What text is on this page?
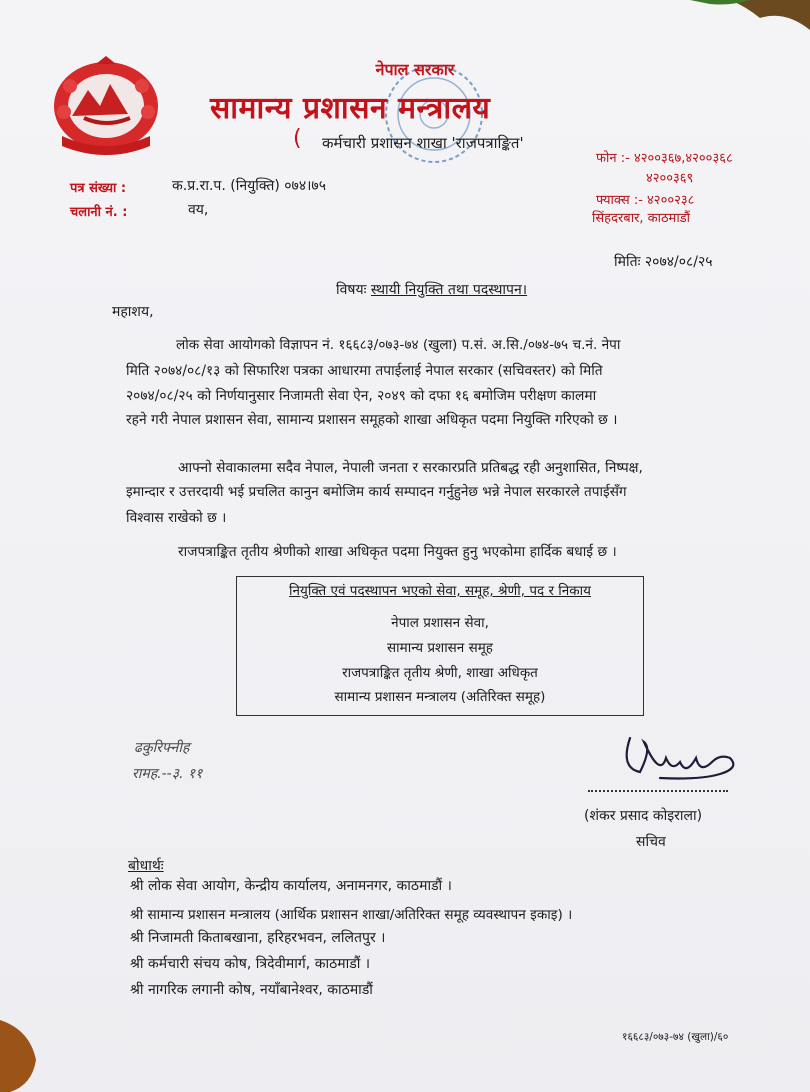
नेपाल सरकार
सामान्य प्रशासन मन्त्रालय
( कर्मचारी प्रशासन शाखा 'राजपत्राङ्कित'
फोन :- ४२००३६७,४२००३६८
४२००३६९
फ्याक्स :- ४२००२३८
सिंहदरबार, काठमाडौं
पत्र संख्या :	क.प्र.रा.प. (नियुक्ति) ०७४।७५
चलानी नं. :	वय,
मितिः २०७४/०८/२५
विषयः स्थायी नियुक्ति तथा पदस्थापन।
महाशय,
लोक सेवा आयोगको विज्ञापन नं. १६६८३/०७३-७४ (खुला) प.सं. अ.सि./०७४-७५ च.नं. नेपा
मिति २०७४/०८/१३ को सिफारिश पत्रका आधारमा तपाईलाई नेपाल सरकार (सचिवस्तर) को मिति
२०७४/०८/२५ को निर्णयानुसार निजामती सेवा ऐन, २०४९ को दफा १६ बमोजिम परीक्षण कालमा
रहने गरी नेपाल प्रशासन सेवा, सामान्य प्रशासन समूहको शाखा अधिकृत पदमा नियुक्ति गरिएको छ ।
आफ्नो सेवाकालमा सदैव नेपाल, नेपाली जनता र सरकारप्रति प्रतिबद्ध रही अनुशासित, निष्पक्ष,
इमान्दार र उत्तरदायी भई प्रचलित कानुन बमोजिम कार्य सम्पादन गर्नुहुनेछ भन्ने नेपाल सरकारले तपाईसँग
विश्वास राखेको छ ।
राजपत्राङ्कित तृतीय श्रेणीको शाखा अधिकृत पदमा नियुक्त हुनु भएकोमा हार्दिक बधाई छ ।
नियुक्ति एवं पदस्थापन भएको सेवा, समूह, श्रेणी, पद र निकाय
नेपाल प्रशासन सेवा,
सामान्य प्रशासन समूह
राजपत्राङ्कित तृतीय श्रेणी, शाखा अधिकृत
सामान्य प्रशासन मन्त्रालय (अतिरिक्त समूह)
ढकुरिफ्नीह
रामह.--३. ११
(शंकर प्रसाद कोइराला)
सचिव
बोधार्थः
श्री लोक सेवा आयोग, केन्द्रीय कार्यालय, अनामनगर, काठमाडौं ।
श्री सामान्य प्रशासन मन्त्रालय (आर्थिक प्रशासन शाखा/अतिरिक्त समूह व्यवस्थापन इकाइ) ।
श्री निजामती किताबखाना, हरिहरभवन, ललितपुर ।
श्री कर्मचारी संचय कोष, त्रिदेवीमार्ग, काठमाडौं ।
श्री नागरिक लगानी कोष, नयाँबानेश्वर, काठमाडौं
१६६८३/०७३-७४ (खुला)/६०
